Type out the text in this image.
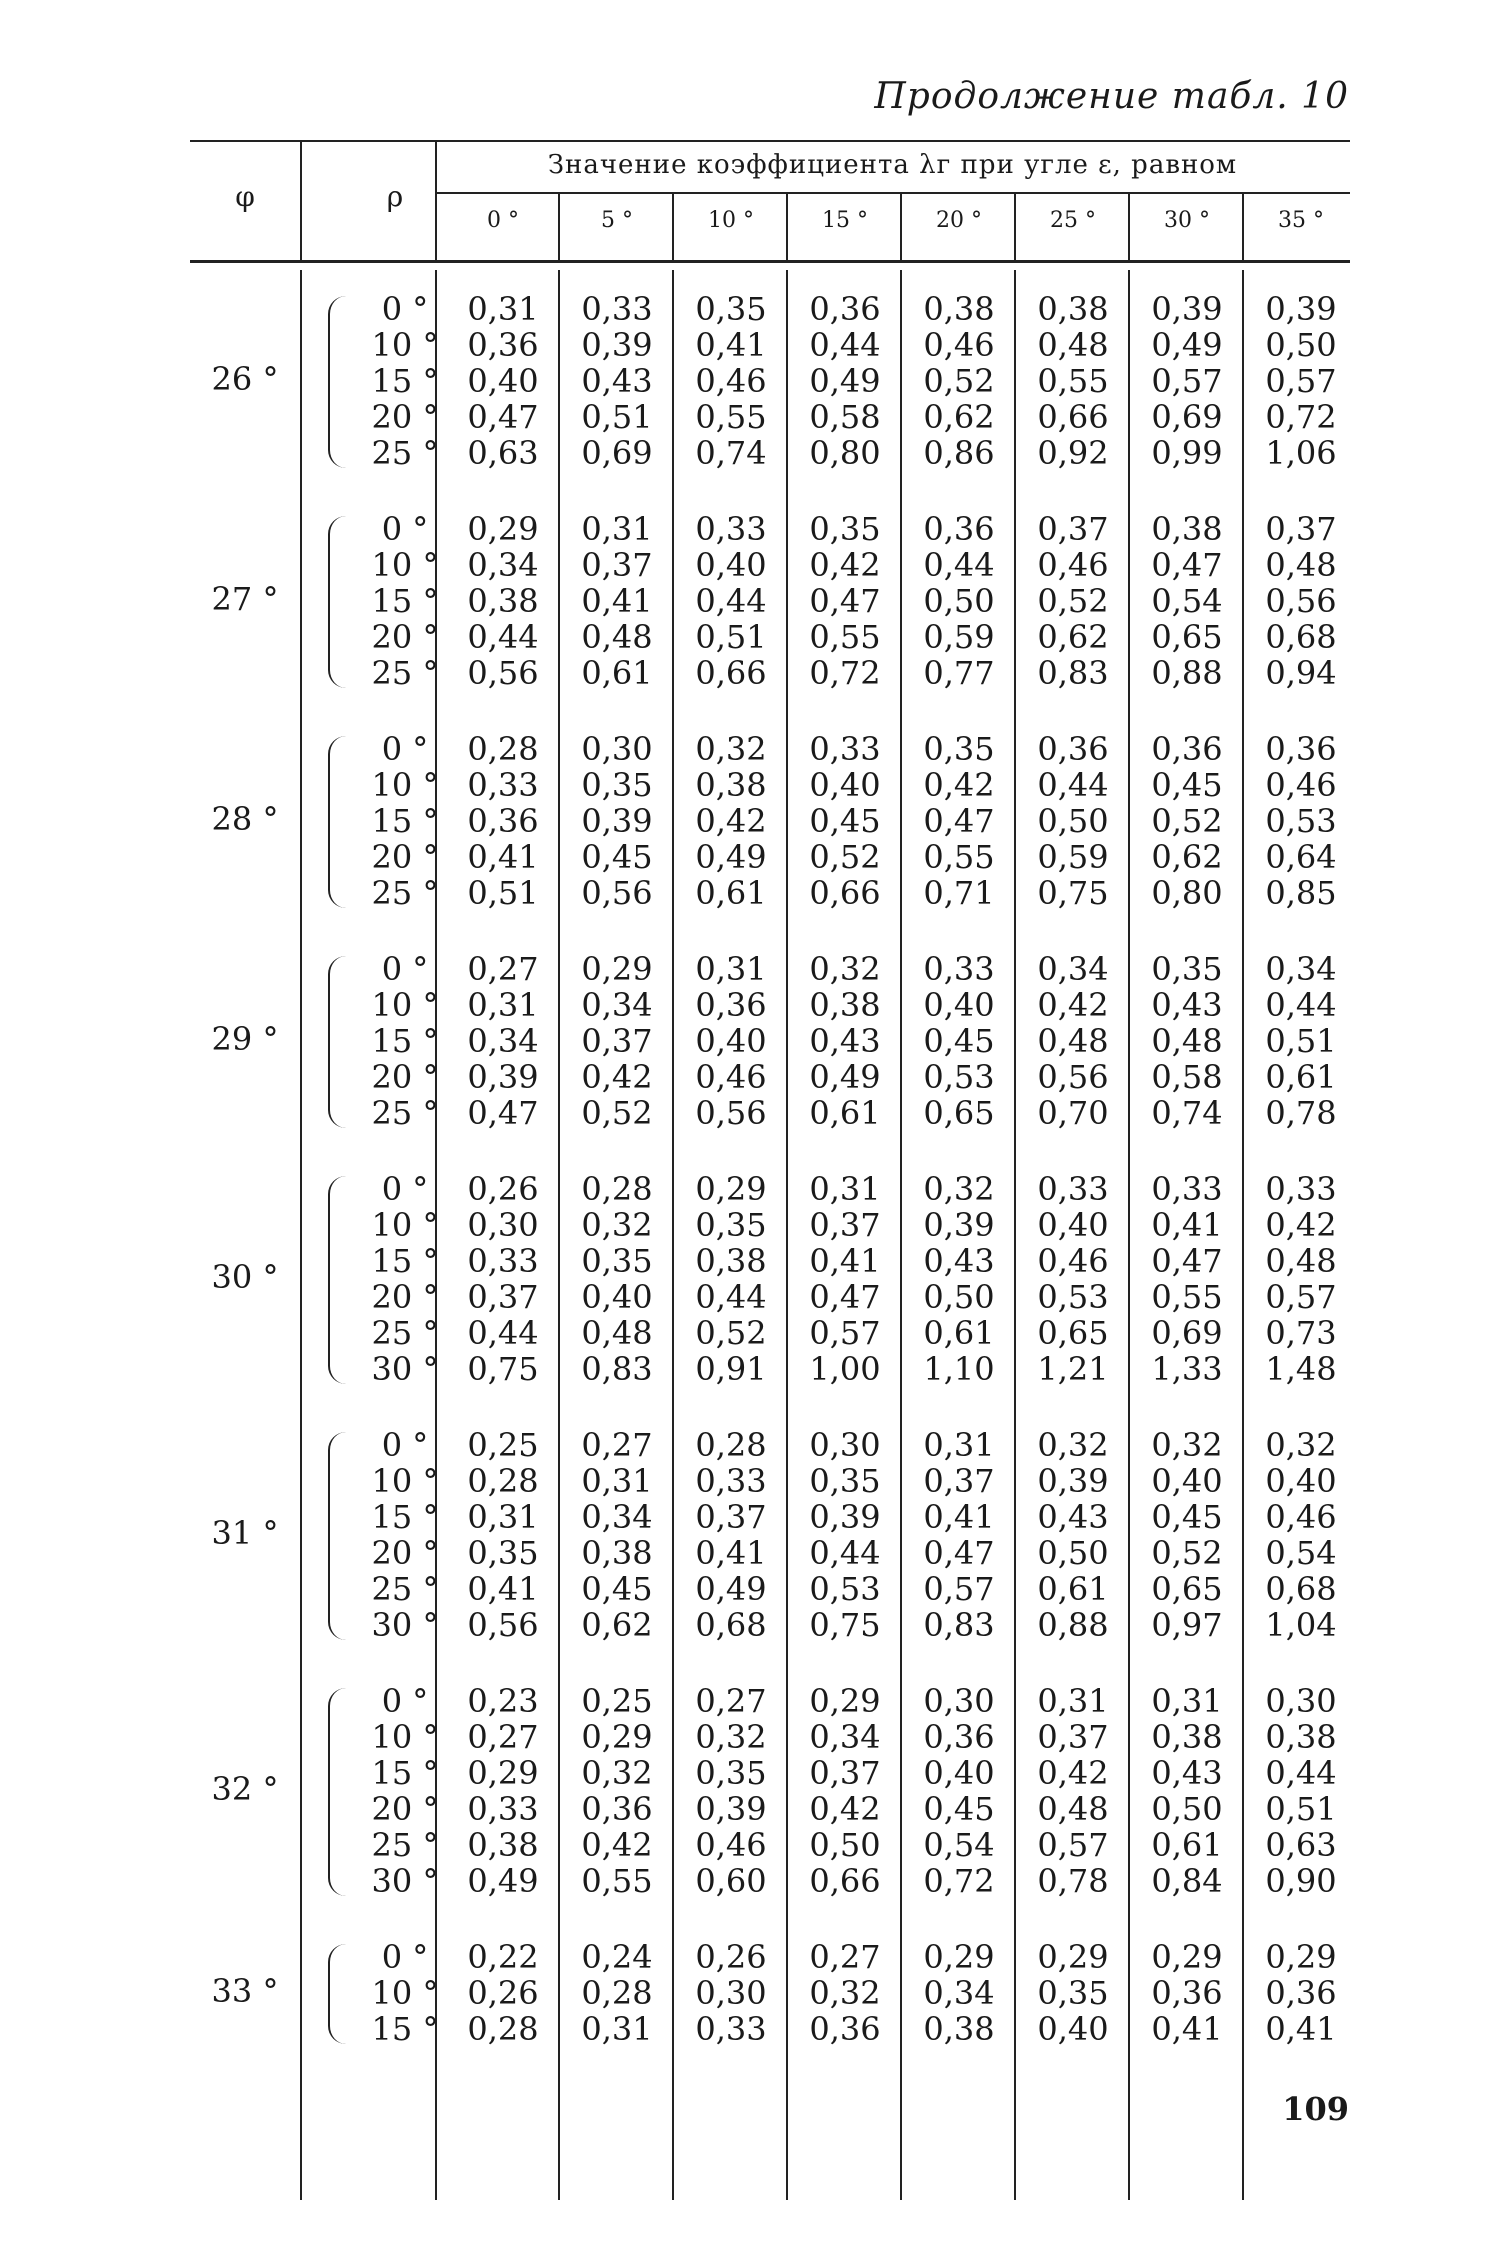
Продолжение табл. 10
φ	ρ
Значение коэффициента λг при угле ε, равном
0 °	5 °	10 °	15 °	20 °	25 °	30 °	35 °
26 °
0 °	0,31	0,33	0,35	0,36	0,38	0,38	0,39	0,39
10 ° 0,36	0,39	0,41	0,44	0,46	0,48	0,49	0,50
15 ° 0,40	0,43	0,46	0,49	0,52	0,55	0,57	0,57
20 ° 0,47	0,51	0,55	0,58	0,62	0,66	0,69	0,72
25 ° 0,63	0,69	0,74	0,80	0,86	0,92	0,99	1,06
27 °
0 °	0,29	0,31	0,33	0,35	0,36	0,37	0,38	0,37
10 ° 0,34	0,37	0,40	0,42	0,44	0,46	0,47	0,48
15 ° 0,38	0,41	0,44	0,47	0,50	0,52	0,54	0,56
20 ° 0,44	0,48	0,51	0,55	0,59	0,62	0,65	0,68
25 ° 0,56	0,61	0,66	0,72	0,77	0,83	0,88	0,94
28 °
0 °	0,28	0,30	0,32	0,33	0,35	0,36	0,36	0,36
10 ° 0,33	0,35	0,38	0,40	0,42	0,44	0,45	0,46
15 ° 0,36	0,39	0,42	0,45	0,47	0,50	0,52	0,53
20 ° 0,41	0,45	0,49	0,52	0,55	0,59	0,62	0,64
25 ° 0,51	0,56	0,61	0,66	0,71	0,75	0,80	0,85
29 °
0 °	0,27	0,29	0,31	0,32	0,33	0,34	0,35	0,34
10 ° 0,31	0,34	0,36	0,38	0,40	0,42	0,43	0,44
15 ° 0,34	0,37	0,40	0,43	0,45	0,48	0,48	0,51
20 ° 0,39	0,42	0,46	0,49	0,53	0,56	0,58	0,61
25 ° 0,47	0,52	0,56	0,61	0,65	0,70	0,74	0,78
30 °
0 °	0,26	0,28	0,29	0,31	0,32	0,33	0,33	0,33
10 ° 0,30	0,32	0,35	0,37	0,39	0,40	0,41	0,42
15 ° 0,33	0,35	0,38	0,41	0,43	0,46	0,47	0,48
20 ° 0,37	0,40	0,44	0,47	0,50	0,53	0,55	0,57
25 ° 0,44	0,48	0,52	0,57	0,61	0,65	0,69	0,73
30 ° 0,75	0,83	0,91	1,00	1,10	1,21	1,33	1,48
31 °
0 °	0,25	0,27	0,28	0,30	0,31	0,32	0,32	0,32
10 ° 0,28	0,31	0,33	0,35	0,37	0,39	0,40	0,40
15 ° 0,31	0,34	0,37	0,39	0,41	0,43	0,45	0,46
20 ° 0,35	0,38	0,41	0,44	0,47	0,50	0,52	0,54
25 ° 0,41	0,45	0,49	0,53	0,57	0,61	0,65	0,68
30 ° 0,56	0,62	0,68	0,75	0,83	0,88	0,97	1,04
32 °
0 °	0,23	0,25	0,27	0,29	0,30	0,31	0,31	0,30
10 ° 0,27	0,29	0,32	0,34	0,36	0,37	0,38	0,38
15 ° 0,29	0,32	0,35	0,37	0,40	0,42	0,43	0,44
20 ° 0,33	0,36	0,39	0,42	0,45	0,48	0,50	0,51
25 ° 0,38	0,42	0,46	0,50	0,54	0,57	0,61	0,63
30 ° 0,49	0,55	0,60	0,66	0,72	0,78	0,84	0,90
33 °
0 °	0,22	0,24	0,26	0,27	0,29	0,29	0,29	0,29
10 ° 0,26	0,28	0,30	0,32	0,34	0,35	0,36	0,36
15 ° 0,28	0,31	0,33	0,36	0,38	0,40	0,41	0,41
109
